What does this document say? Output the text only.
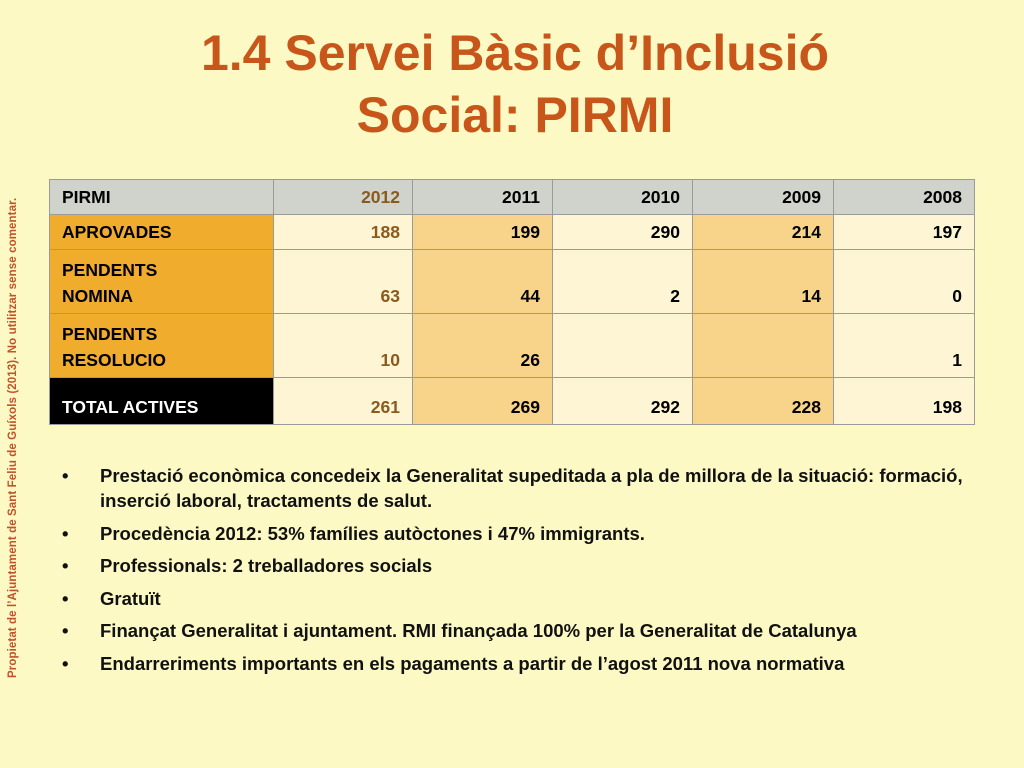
Propietat de l’Ajuntament de Sant Feliu de Guíxols (2013). No utilitzar sense comentar.
1.4 Servei Bàsic d’Inclusió
Social: PIRMI
PIRMI	2012	2011	2010	2009	2008
APROVADES	188	199	290	214	197

PENDENTS
NOMINA	63	44	2	14	0

PENDENTS
RESOLUCIO	10	26			1
TOTAL ACTIVES	261	269	292	228	198
• Prestació econòmica concedeix la Generalitat supeditada a pla de millora de la situació: formació, inserció laboral, tractaments de salut.
• Procedència 2012: 53% famílies autòctones i 47% immigrants.
• Professionals: 2 treballadores socials
• Gratuït
• Finançat Generalitat i ajuntament. RMI finançada 100% per la Generalitat de Catalunya
• Endarreriments importants en els pagaments a partir de l’agost 2011 nova normativa
